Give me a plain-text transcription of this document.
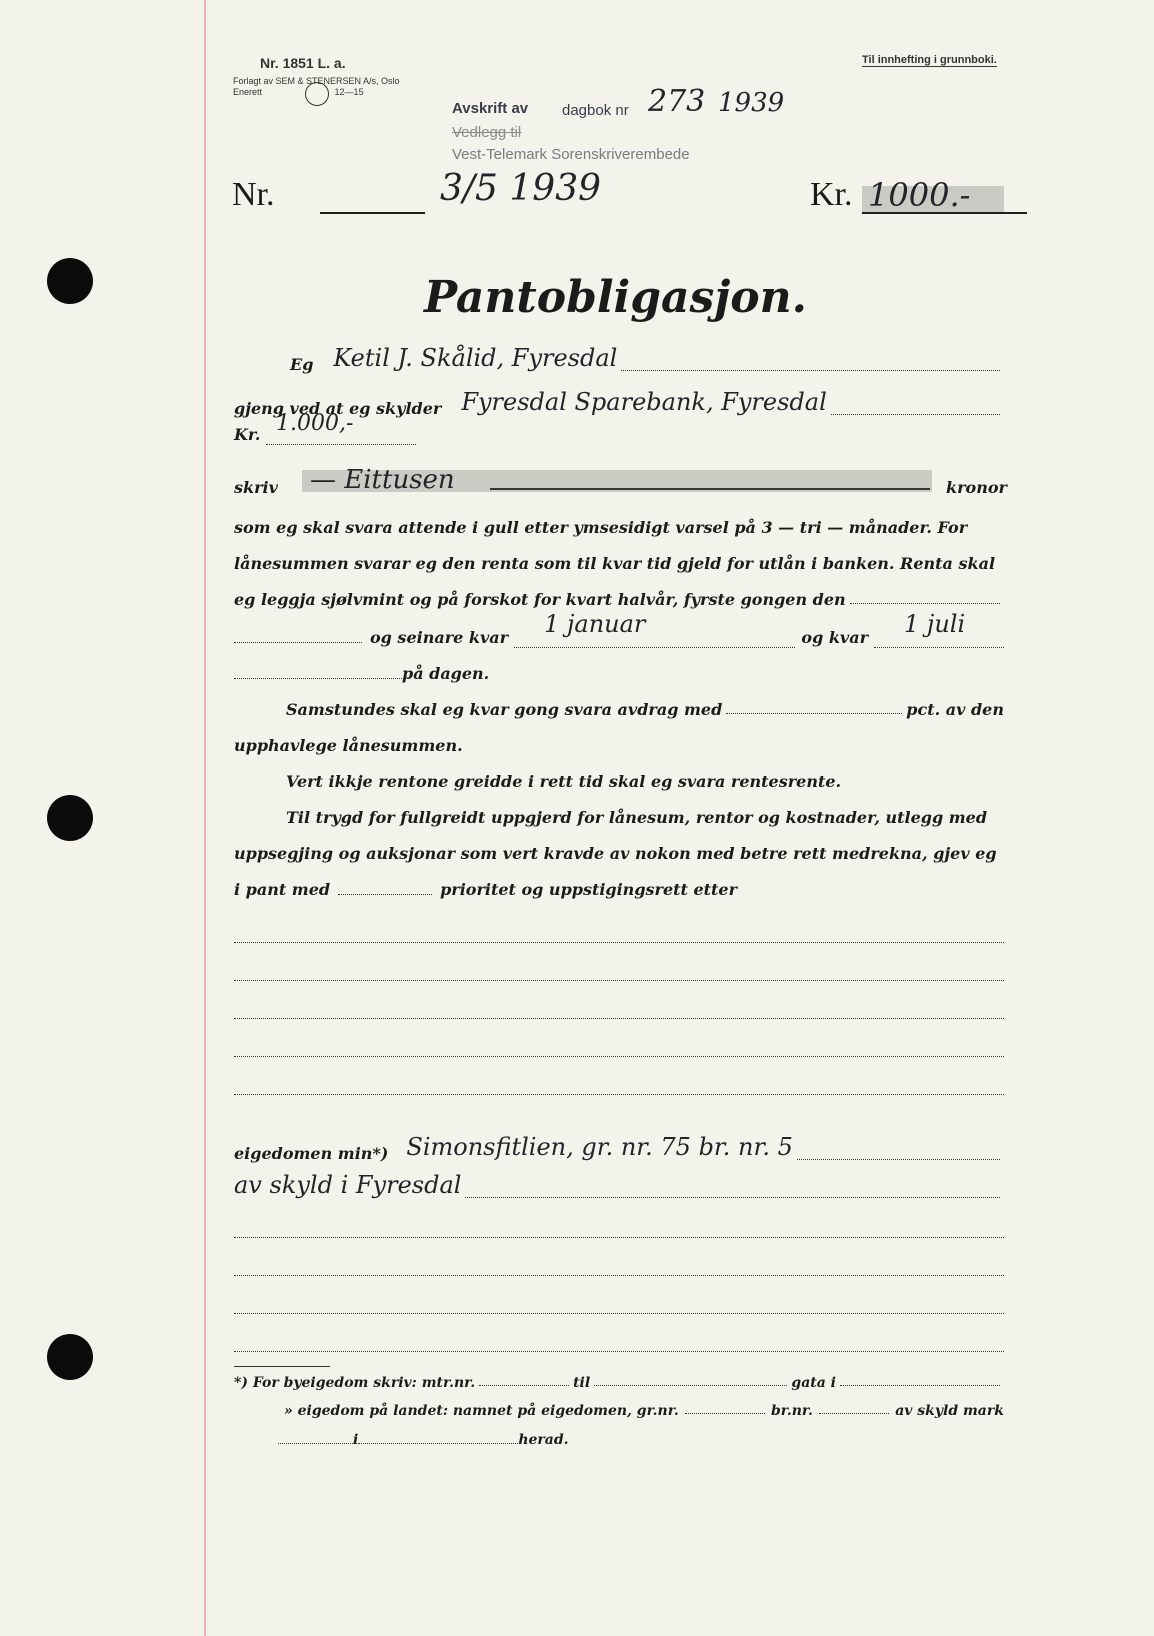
Nr. 1851 L. a.
Forlagt av SEM & STENERSEN A/s, Oslo
Enerett	12—15
Til innhefting i grunnboki.
Avskrift av dagbok nr 273 1939
Vedlegg til
Vest-Telemark Sorenskriverembede
Nr.	3/5 1939	Kr. 1000.-
Pantobligasjon.
Eg Ketil J. Skålid, Fyresdal
gjeng ved at eg skylder Fyresdal Sparebank, Fyresdal
Kr. 1.000,-

skriv — Eittusen	kronor
som eg skal svara attende i gull etter ymsesidigt varsel på 3 — tri — månader. For
lånesummen svarar eg den renta som til kvar tid gjeld for utlån i banken. Renta skal
eg leggja sjølvmint og på forskot for kvart halvår, fyrste gongen den
og seinare kvar 1 januar
	og kvar 1 juli

på dagen.
Samstundes skal eg kvar gong svara avdrag med	pct. av den
upphavlege lånesummen.
Vert ikkje rentone greidde i rett tid skal eg svara rentesrente.
Til trygd for fullgreidt uppgjerd for lånesum, rentor og kostnader, utlegg med
uppsegjing og auksjonar som vert kravde av nokon med betre rett medrekna, gjev eg
i pant med	prioritet og uppstigingsrett etter
eigedomen min*) Simonsfitlien, gr. nr. 75 br. nr. 5
av skyld i Fyresdal
*) For byeigedom skriv: mtr.nr.	til	gata i
» eigedom på landet: namnet på eigedomen, gr.nr.	br.nr.	av skyld mark
i	herad.
